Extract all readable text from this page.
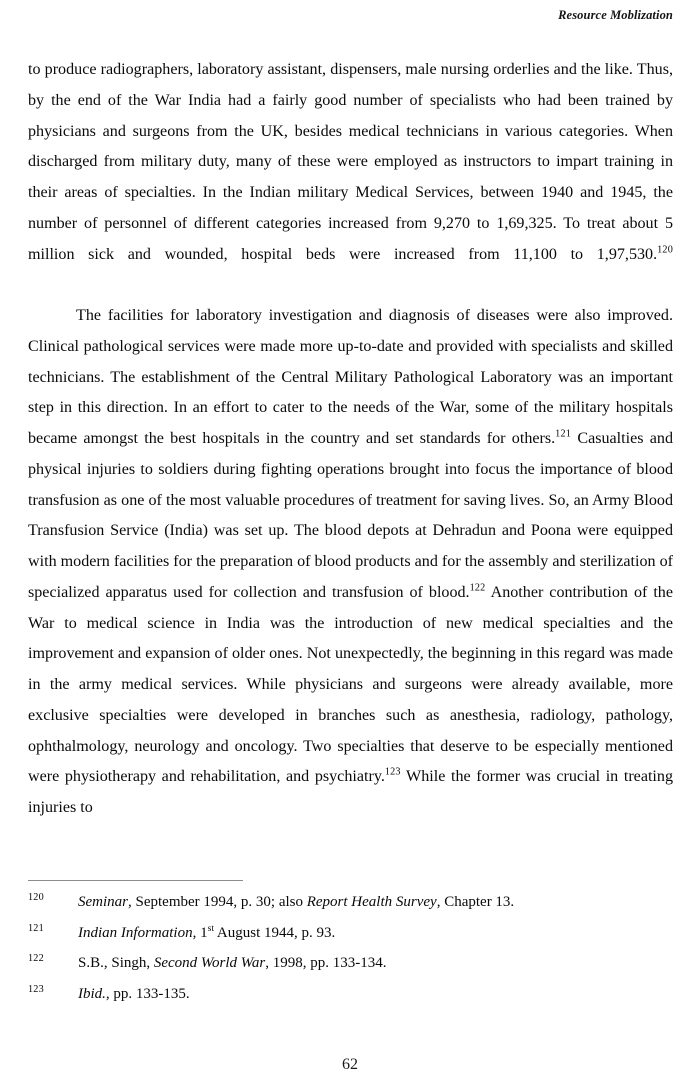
Resource Moblization

to produce radiographers, laboratory assistant, dispensers, male nursing orderlies and the like. Thus, by the end of the War India had a fairly good number of specialists who had been trained by physicians and surgeons from the UK, besides medical technicians in various categories. When discharged from military duty, many of these were employed as instructors to impart training in their areas of specialties. In the Indian military Medical Services, between 1940 and 1945, the number of personnel of different categories increased from 9,270 to 1,69,325. To treat about 5 million sick and wounded, hospital beds were increased from 11,100 to 1,97,530.$^{120}$

The facilities for laboratory investigation and diagnosis of diseases were also improved. Clinical pathological services were made more up-to-date and provided with specialists and skilled technicians. The establishment of the Central Military Pathological Laboratory was an important step in this direction. In an effort to cater to the needs of the War, some of the military hospitals became amongst the best hospitals in the country and set standards for others.$^{121}$ Casualties and physical injuries to soldiers during fighting operations brought into focus the importance of blood transfusion as one of the most valuable procedures of treatment for saving lives. So, an Army Blood Transfusion Service (India) was set up. The blood depots at Dehradun and Poona were equipped with modern facilities for the preparation of blood products and for the assembly and sterilization of specialized apparatus used for collection and transfusion of blood.$^{122}$ Another contribution of the War to medical science in India was the introduction of new medical specialties and the improvement and expansion of older ones. Not unexpectedly, the beginning in this regard was made in the army medical services. While physicians and surgeons were already available, more exclusive specialties were developed in branches such as anesthesia, radiology, pathology, ophthalmology, neurology and oncology. Two specialties that deserve to be especially mentioned were physiotherapy and rehabilitation, and psychiatry.$^{123}$ While the former was crucial in treating injuries to

120	Seminar, September 1994, p. 30; also Report Health Survey, Chapter 13.
121	Indian Information, 1st August 1944, p. 93.
122	S.B., Singh, Second World War, 1998, pp. 133-134.
123	Ibid., pp. 133-135.
62
